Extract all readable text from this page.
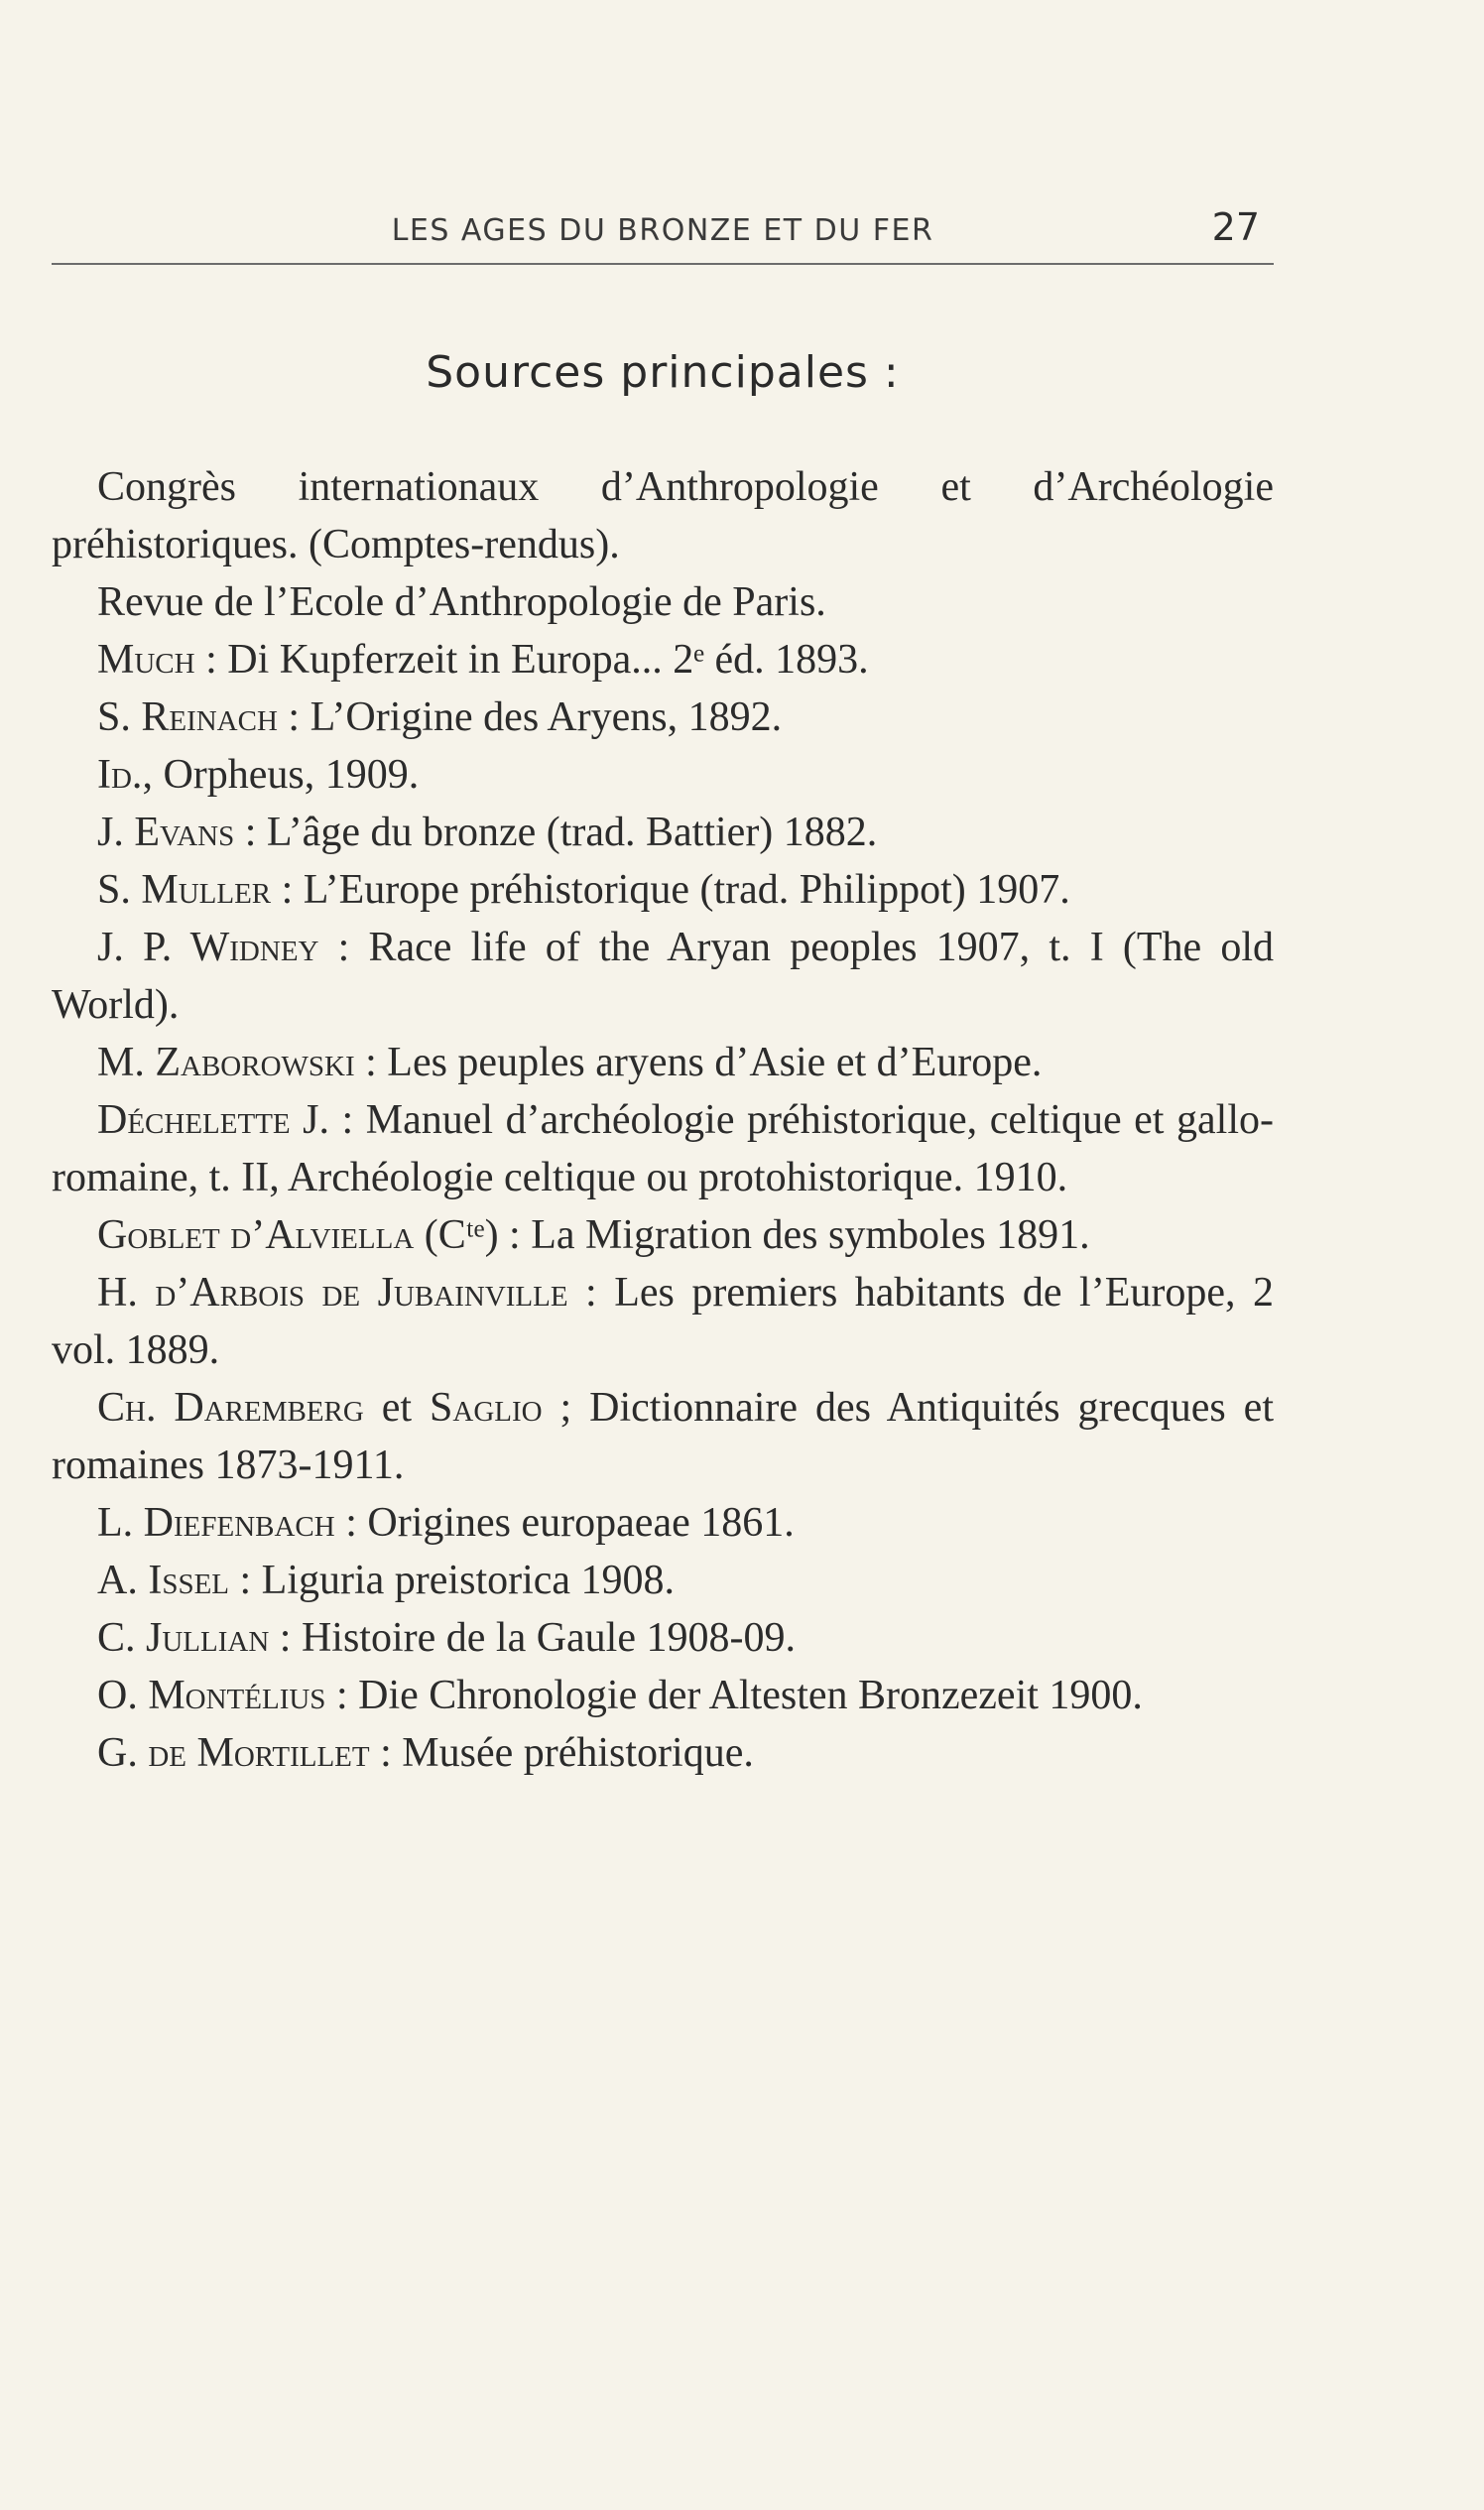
LES AGES DU BRONZE ET DU FER	27
Sources principales :
Congrès internationaux d’Anthropologie et d’Archéologie préhistoriques. (Comptes-rendus).
Revue de l’Ecole d’Anthropologie de Paris.
Much : Di Kupferzeit in Europa... 2ᵉ éd. 1893.
S. Reinach : L’Origine des Aryens, 1892.
Id., Orpheus, 1909.
J. Evans : L’âge du bronze (trad. Battier) 1882.
S. Muller : L’Europe préhistorique (trad. Philippot) 1907.
J. P. Widney : Race life of the Aryan peoples 1907, t. I (The old World).
M. Zaborowski : Les peuples aryens d’Asie et d’Europe.
Déchelette J. : Manuel d’archéologie préhistorique, celtique et gallo-romaine, t. II, Archéologie celtique ou protohistorique. 1910.
Goblet d’Alviella (Cᵗᵉ) : La Migration des symboles 1891.
H. d’Arbois de Jubainville : Les premiers habitants de l’Europe, 2 vol. 1889.
Ch. Daremberg et Saglio ; Dictionnaire des Antiquités grecques et romaines 1873-1911.
L. Diefenbach : Origines europaeae 1861.
A. Issel : Liguria preistorica 1908.
C. Jullian : Histoire de la Gaule 1908-09.
O. Montélius : Die Chronologie der Altesten Bronzezeit 1900.
G. de Mortillet : Musée préhistorique.
